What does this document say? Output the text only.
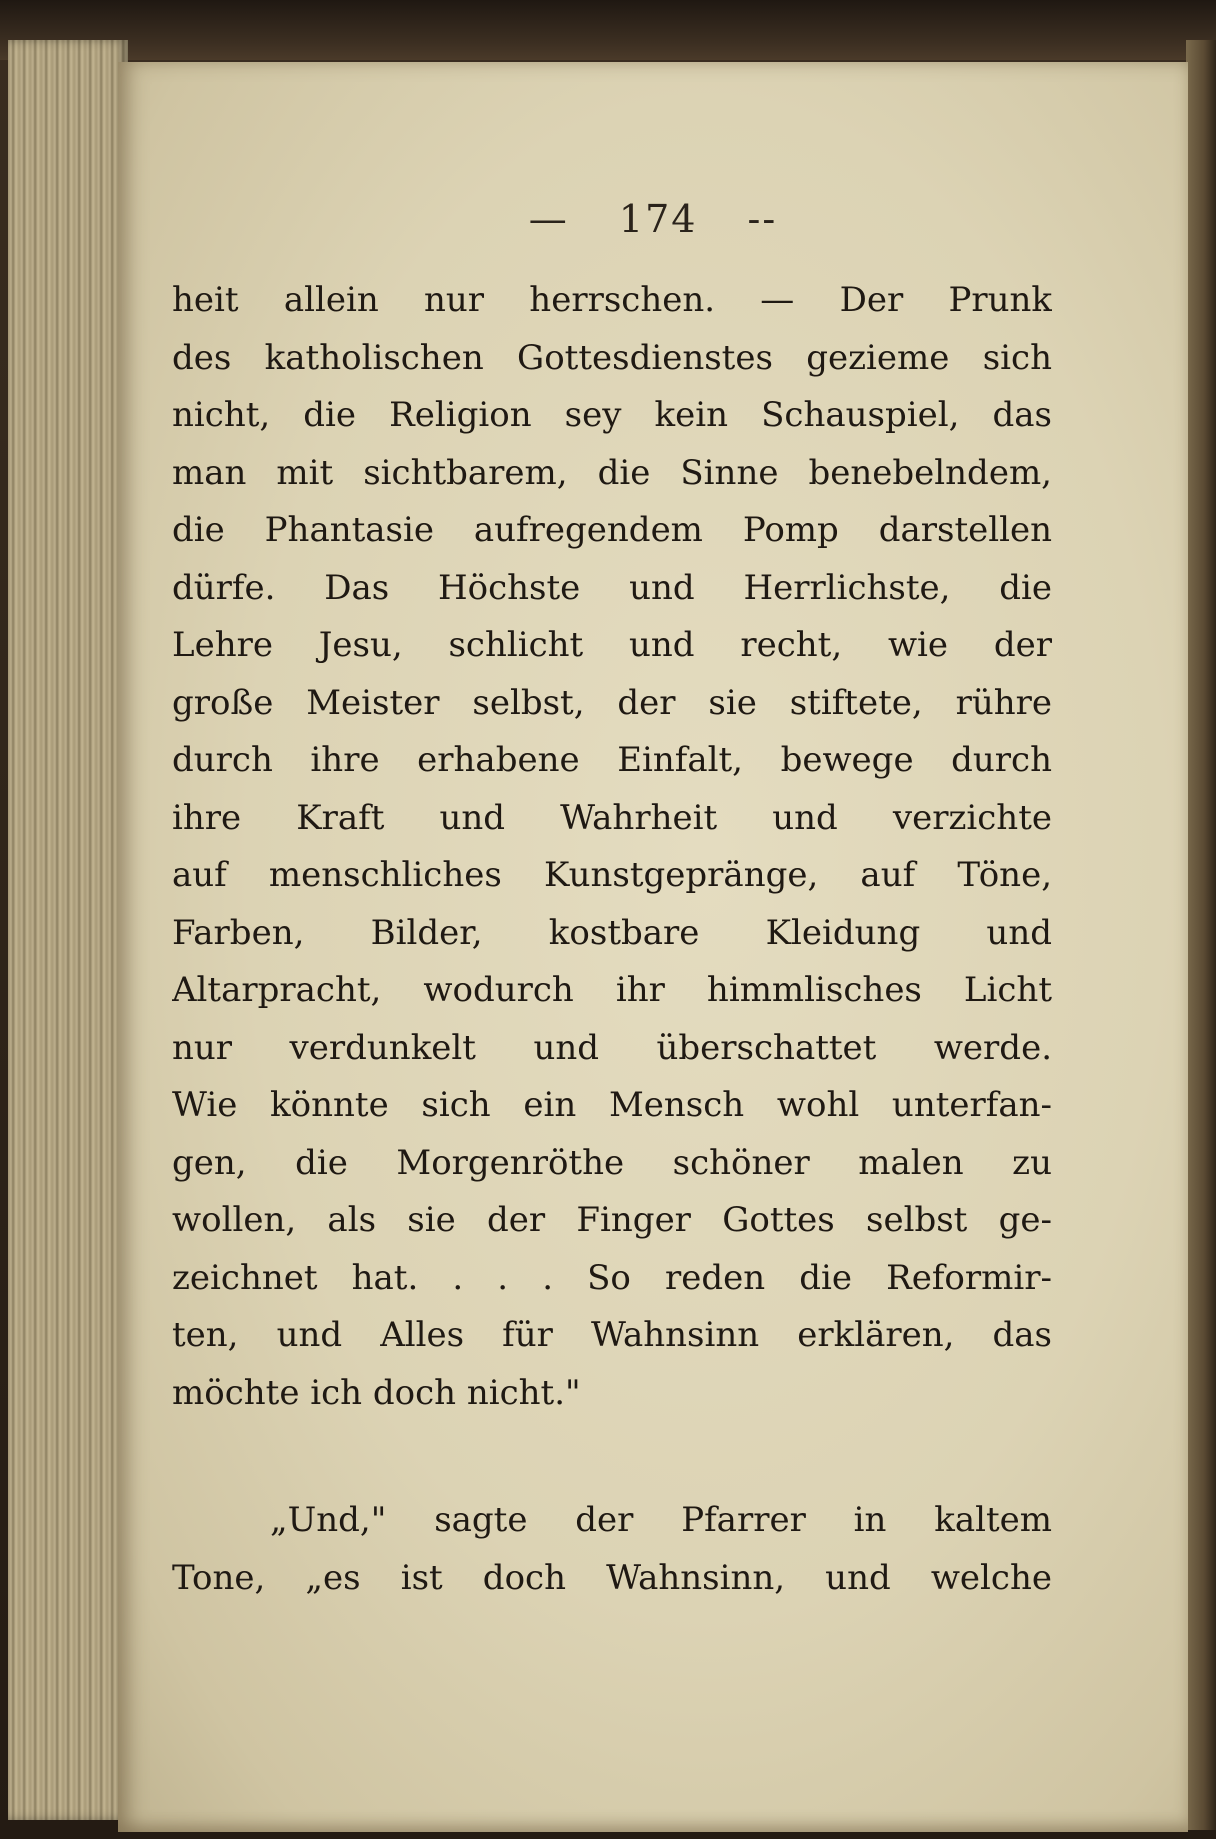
— 174 --
heit allein nur herrschen. — Der Prunk
des katholischen Gottesdienstes gezieme sich
nicht, die Religion sey kein Schauspiel, das
man mit sichtbarem, die Sinne benebelndem,
die Phantasie aufregendem Pomp darstellen
dürfe. Das Höchste und Herrlichste, die
Lehre Jesu, schlicht und recht, wie der
große Meister selbst, der sie stiftete, rühre
durch ihre erhabene Einfalt, bewege durch
ihre Kraft und Wahrheit und verzichte
auf menschliches Kunstgepränge, auf Töne,
Farben, Bilder, kostbare Kleidung und
Altarpracht, wodurch ihr himmlisches Licht
nur verdunkelt und überschattet werde.
Wie könnte sich ein Mensch wohl unterfan-
gen, die Morgenröthe schöner malen zu
wollen, als sie der Finger Gottes selbst ge-
zeichnet hat. . . . So reden die Reformir-
ten, und Alles für Wahnsinn erklären, das
möchte ich doch nicht."
„Und," sagte der Pfarrer in kaltem
Tone, „es ist doch Wahnsinn, und welche
